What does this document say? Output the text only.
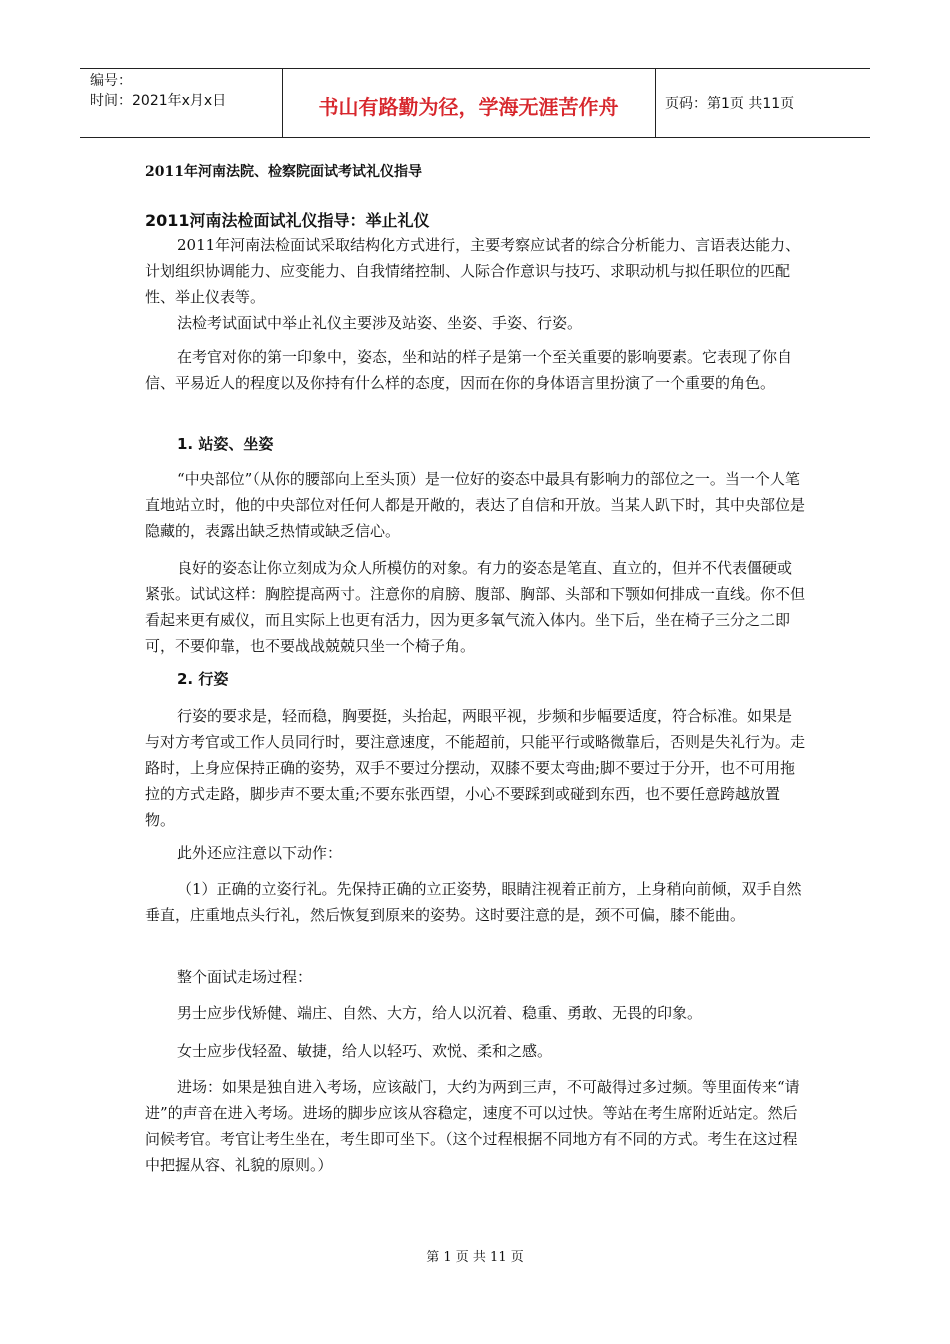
编号：
时间：2021年x月x日	书山有路勤为径，学海无涯苦作舟	页码：第1页 共11页
2011年河南法院、检察院面试考试礼仪指导
2011河南法检面试礼仪指导：举止礼仪

2011年河南法检面试采取结构化方式进行，主要考察应试者的综合分析能力、言语表达能力、计划组织协调能力、应变能力、自我情绪控制、人际合作意识与技巧、求职动机与拟任职位的匹配性、举止仪表等。

法检考试面试中举止礼仪主要涉及站姿、坐姿、手姿、行姿。

在考官对你的第一印象中，姿态，坐和站的样子是第一个至关重要的影响要素。它表现了你自信、平易近人的程度以及你持有什么样的态度，因而在你的身体语言里扮演了一个重要的角色。

1. 站姿、坐姿

“中央部位”（从你的腰部向上至头顶）是一位好的姿态中最具有影响力的部位之一。当一个人笔直地站立时，他的中央部位对任何人都是开敞的，表达了自信和开放。当某人趴下时，其中央部位是隐藏的，表露出缺乏热情或缺乏信心。

良好的姿态让你立刻成为众人所模仿的对象。有力的姿态是笔直、直立的，但并不代表僵硬或紧张。试试这样：胸腔提高两寸。注意你的肩膀、腹部、胸部、头部和下颚如何排成一直线。你不但看起来更有威仪，而且实际上也更有活力，因为更多氧气流入体内。坐下后，坐在椅子三分之二即可，不要仰靠，也不要战战兢兢只坐一个椅子角。

2. 行姿

行姿的要求是，轻而稳，胸要挺，头抬起，两眼平视，步频和步幅要适度，符合标准。如果是与对方考官或工作人员同行时，要注意速度，不能超前，只能平行或略微靠后，否则是失礼行为。走路时，上身应保持正确的姿势，双手不要过分摆动，双膝不要太弯曲;脚不要过于分开，也不可用拖拉的方式走路，脚步声不要太重;不要东张西望，小心不要踩到或碰到东西，也不要任意跨越放置物。

此外还应注意以下动作：

（1）正确的立姿行礼。先保持正确的立正姿势，眼睛注视着正前方，上身稍向前倾，双手自然垂直，庄重地点头行礼，然后恢复到原来的姿势。这时要注意的是，颈不可偏，膝不能曲。

整个面试走场过程：

男士应步伐矫健、端庄、自然、大方，给人以沉着、稳重、勇敢、无畏的印象。

女士应步伐轻盈、敏捷，给人以轻巧、欢悦、柔和之感。

进场：如果是独自进入考场，应该敲门，大约为两到三声，不可敲得过多过频。等里面传来“请进”的声音在进入考场。进场的脚步应该从容稳定，速度不可以过快。等站在考生席附近站定。然后问候考官。考官让考生坐在，考生即可坐下。（这个过程根据不同地方有不同的方式。考生在这过程中把握从容、礼貌的原则。）

第 1 页 共 11 页
